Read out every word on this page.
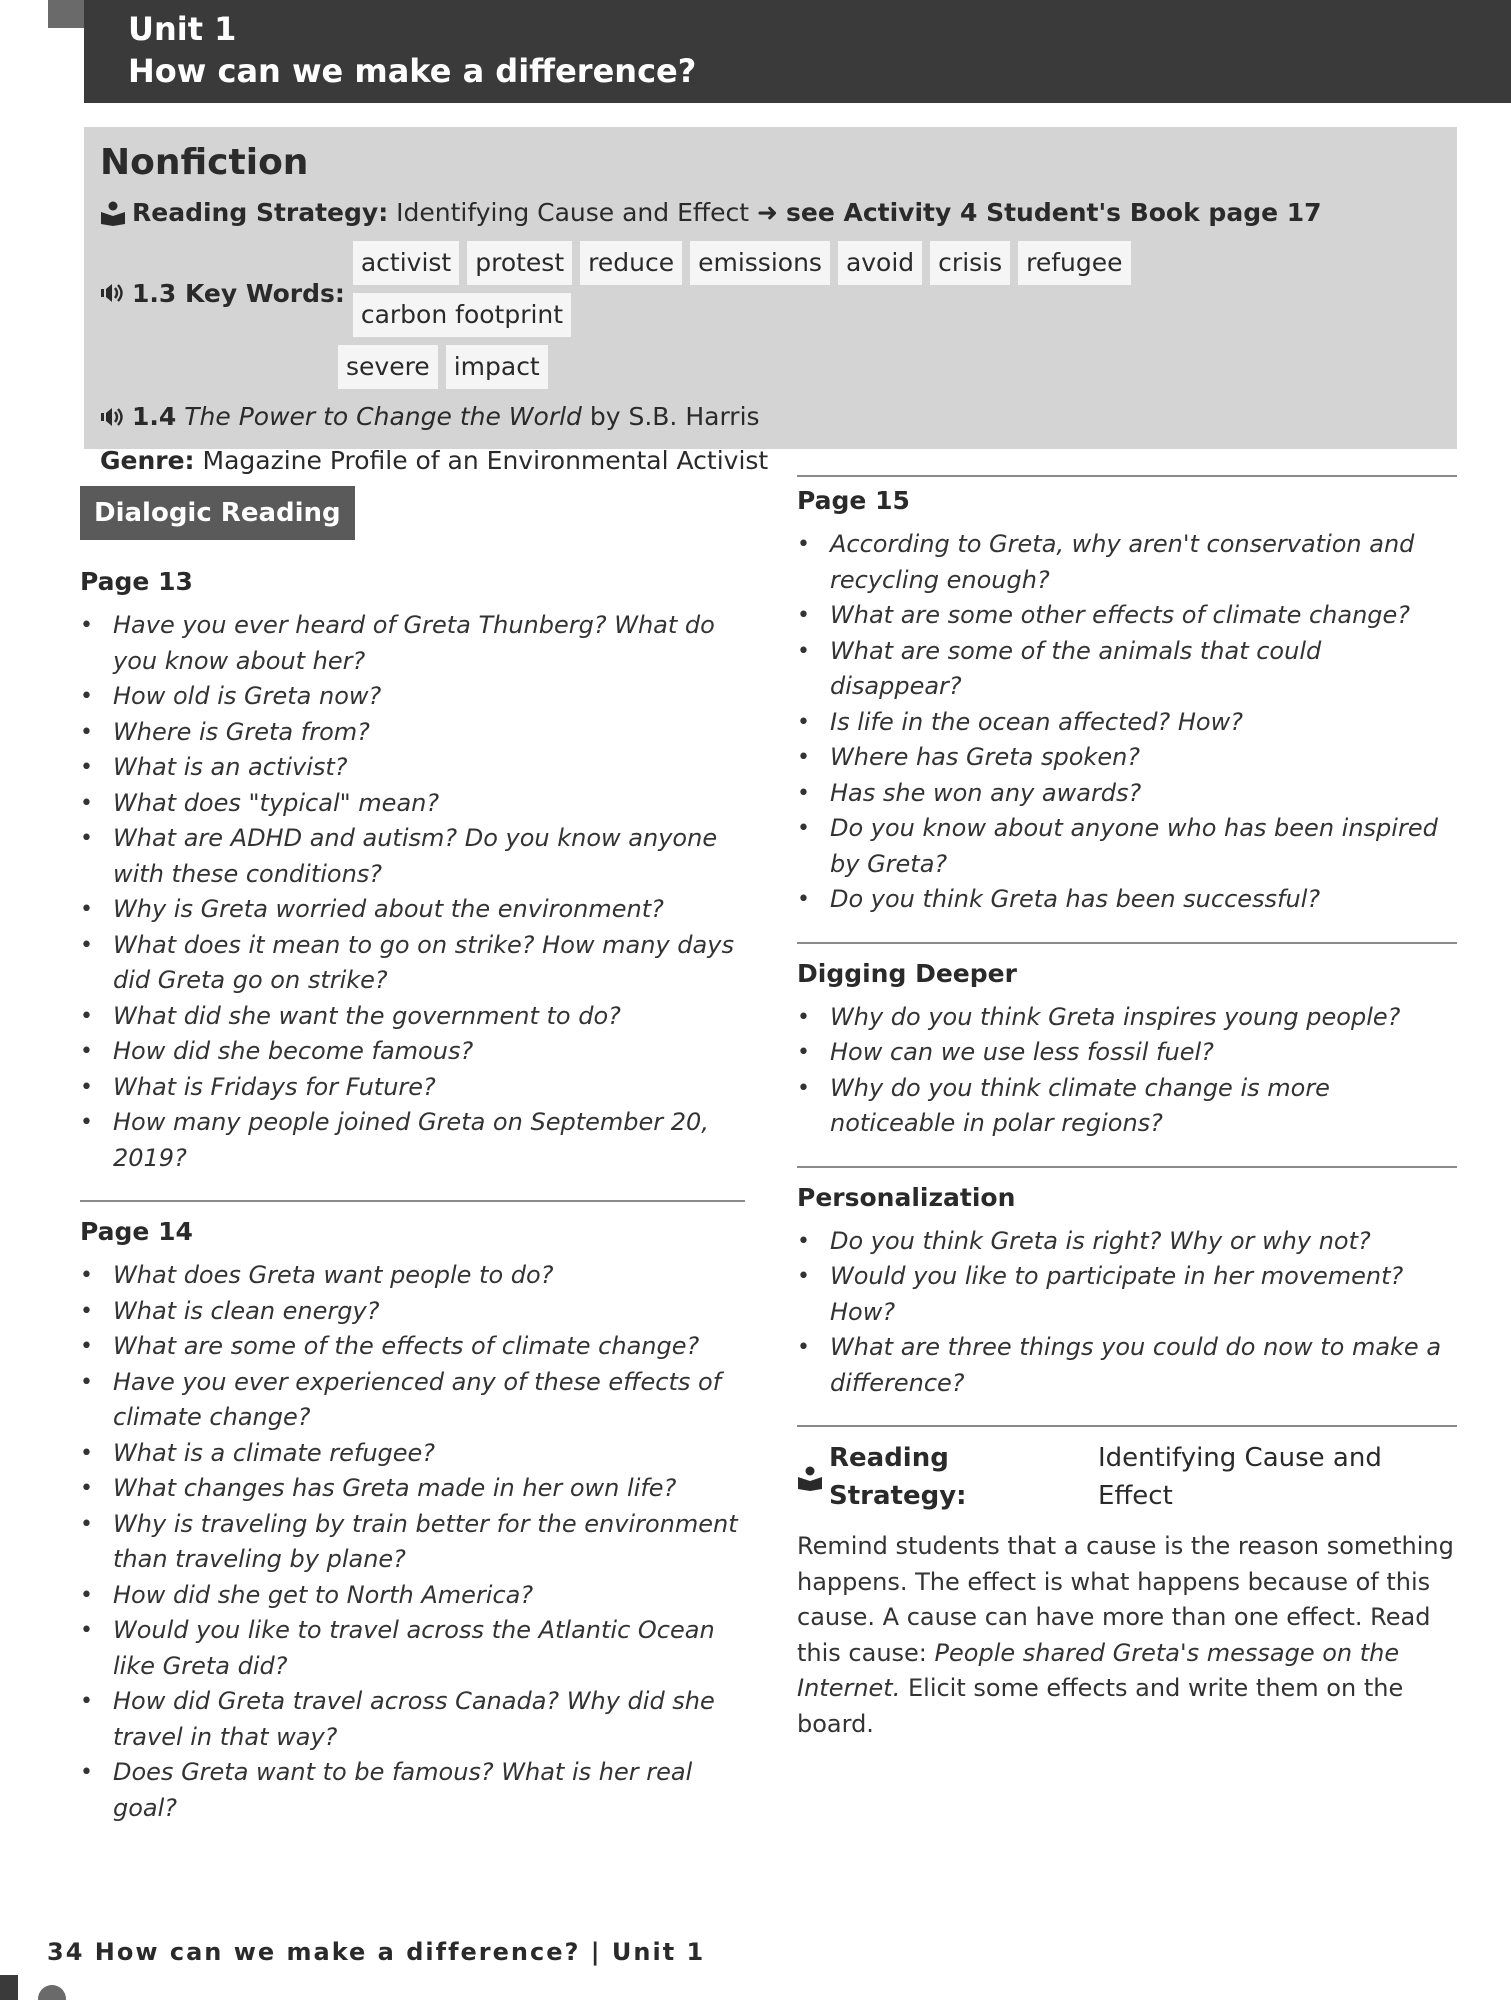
Unit 1
How can we make a difference?
Nonfiction
Reading Strategy:
Identifying Cause and Effect ➜ see Activity 4 Student's Book page 17
1.3 Key Words:
activist protest reduce emissions avoid crisis refugee
carbon footprint
severe impact
1.4
The Power to Change the World
by S.B. Harris
Genre: Magazine Profile of an Environmental Activist
Dialogic Reading
Page 13
• Have you ever heard of Greta Thunberg? What do you know about her?
• How old is Greta now?
• Where is Greta from?
• What is an activist?
• What does "typical" mean?
• What are ADHD and autism? Do you know anyone with these conditions?
• Why is Greta worried about the environment?
• What does it mean to go on strike? How many days did Greta go on strike?
• What did she want the government to do?
• How did she become famous?
• What is Fridays for Future?
• How many people joined Greta on September 20, 2019?
Page 14
• What does Greta want people to do?
• What is clean energy?
• What are some of the effects of climate change?
• Have you ever experienced any of these effects of climate change?
• What is a climate refugee?
• What changes has Greta made in her own life?
• Why is traveling by train better for the environment than traveling by plane?
• How did she get to North America?
• Would you like to travel across the Atlantic Ocean like Greta did?
• How did Greta travel across Canada? Why did she travel in that way?
• Does Greta want to be famous? What is her real goal?
Page 15
• According to Greta, why aren't conservation and recycling enough?
• What are some other effects of climate change?
• What are some of the animals that could disappear?
• Is life in the ocean affected? How?
• Where has Greta spoken?
• Has she won any awards?
• Do you know about anyone who has been inspired by Greta?
• Do you think Greta has been successful?
Digging Deeper
• Why do you think Greta inspires young people?
• How can we use less fossil fuel?
• Why do you think climate change is more noticeable in polar regions?
Personalization
• Do you think Greta is right? Why or why not?
• Would you like to participate in her movement? How?
• What are three things you could do now to make a difference?
Reading Strategy:

Identifying Cause and Effect

Remind students that a cause is the reason something happens. The effect is what happens because of this cause. A cause can have more than one effect. Read this cause: People shared Greta's message on the Internet. Elicit some effects and write them on the board.

34 How can we make a difference? | Unit 1
